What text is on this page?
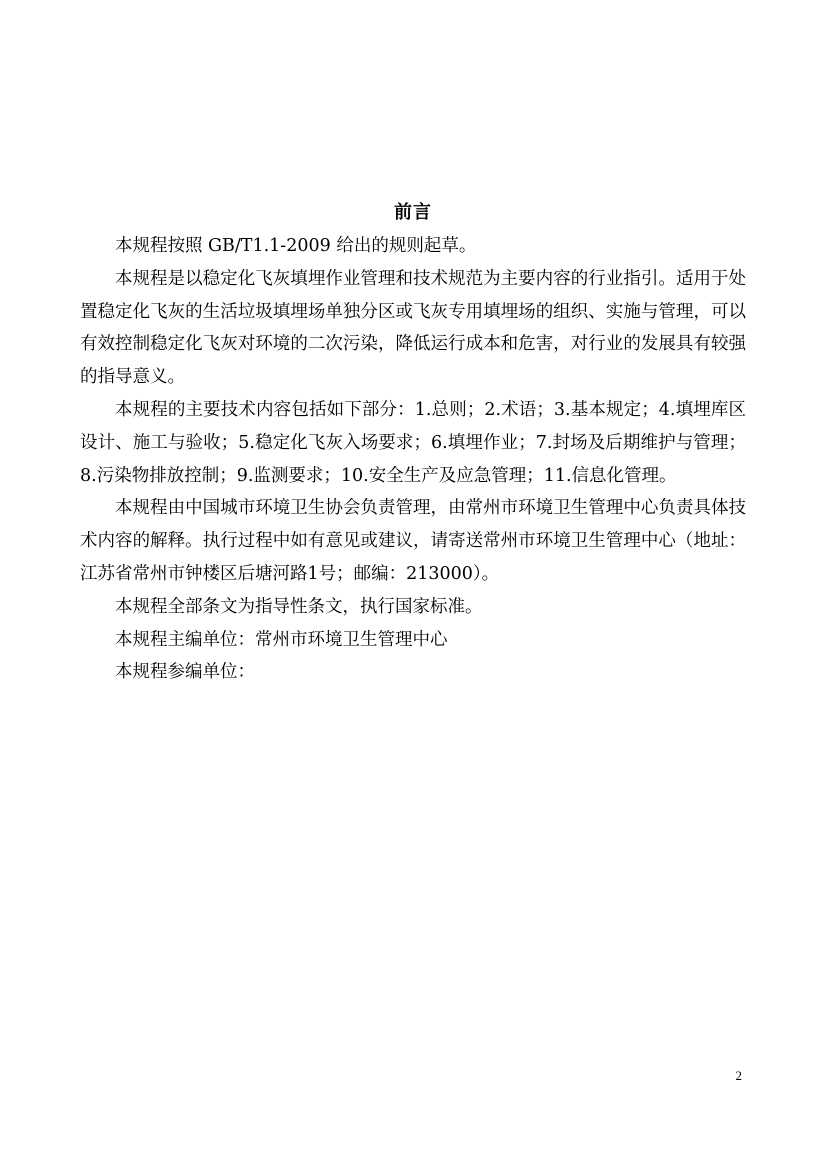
前言

本规程按照 GB/T1.1-2009 给出的规则起草。

本规程是以稳定化飞灰填埋作业管理和技术规范为主要内容的行业指引。适用于处置稳定化飞灰的生活垃圾填埋场单独分区或飞灰专用填埋场的组织、实施与管理，可以有效控制稳定化飞灰对环境的二次污染，降低运行成本和危害，对行业的发展具有较强的指导意义。

本规程的主要技术内容包括如下部分：1.总则；2.术语；3.基本规定；4.填埋库区设计、施工与验收；5.稳定化飞灰入场要求；6.填埋作业；7.封场及后期维护与管理；8.污染物排放控制；9.监测要求；10.安全生产及应急管理；11.信息化管理。

本规程由中国城市环境卫生协会负责管理，由常州市环境卫生管理中心负责具体技术内容的解释。执行过程中如有意见或建议，请寄送常州市环境卫生管理中心（地址：江苏省常州市钟楼区后塘河路1号；邮编：213000）。

本规程全部条文为指导性条文，执行国家标准。

本规程主编单位：常州市环境卫生管理中心

本规程参编单位：

2
